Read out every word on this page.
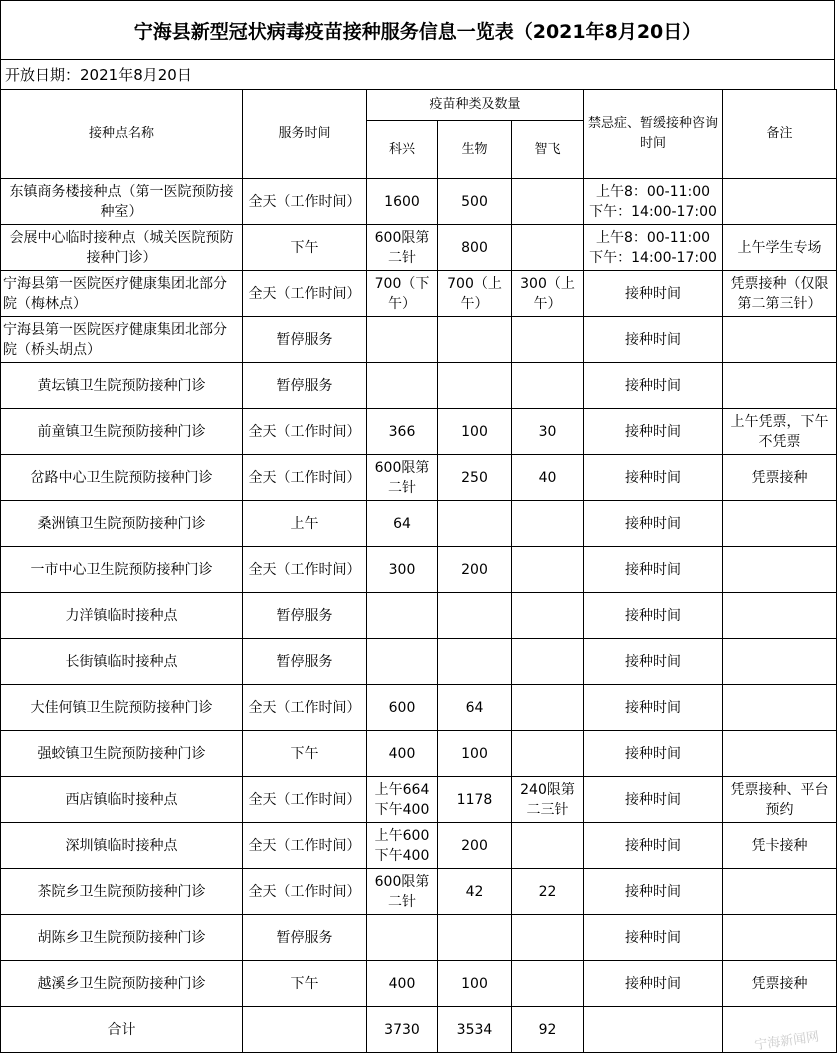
宁海县新型冠状病毒疫苗接种服务信息一览表（2021年8月20日）
开放日期： 2021年8月20日
接种点名称	服务时间	疫苗种类及数量			禁忌症、暂缓接种咨询时间	备注
		科兴	生物	智飞		
东镇商务楼接种点（第一医院预防接种室）	全天（工作时间）	1600	500		上午8：00-11:00
下午：14:00-17:00	
会展中心临时接种点（城关医院预防接种门诊）	下午	600限第二针	800		上午8：00-11:00
下午：14:00-17:00	上午学生专场
宁海县第一医院医疗健康集团北部分院（梅林点）	全天（工作时间）	700（下午）	700（上午）	300（上午）	接种时间	凭票接种（仅限第二第三针）
宁海县第一医院医疗健康集团北部分院（桥头胡点）	暂停服务				接种时间	
黄坛镇卫生院预防接种门诊	暂停服务				接种时间	
前童镇卫生院预防接种门诊	全天（工作时间）	366	100	30	接种时间	上午凭票，下午不凭票
岔路中心卫生院预防接种门诊	全天（工作时间）	600限第二针	250	40	接种时间	凭票接种
桑洲镇卫生院预防接种门诊	上午	64			接种时间	
一市中心卫生院预防接种门诊	全天（工作时间）	300	200		接种时间	
力洋镇临时接种点	暂停服务				接种时间	
长街镇临时接种点	暂停服务				接种时间	
大佳何镇卫生院预防接种门诊	全天（工作时间）	600	64		接种时间	
强蛟镇卫生院预防接种门诊	下午	400	100		接种时间	
西店镇临时接种点	全天（工作时间）	上午664
下午400	1178	240限第二三针	接种时间	凭票接种、平台预约
深圳镇临时接种点	全天（工作时间）	上午600
下午400	200		接种时间	凭卡接种
茶院乡卫生院预防接种门诊	全天（工作时间）	600限第二针	42	22	接种时间	
胡陈乡卫生院预防接种门诊	暂停服务				接种时间	
越溪乡卫生院预防接种门诊	下午	400	100		接种时间	凭票接种
合计		3730	3534	92		
宁海新闻网
